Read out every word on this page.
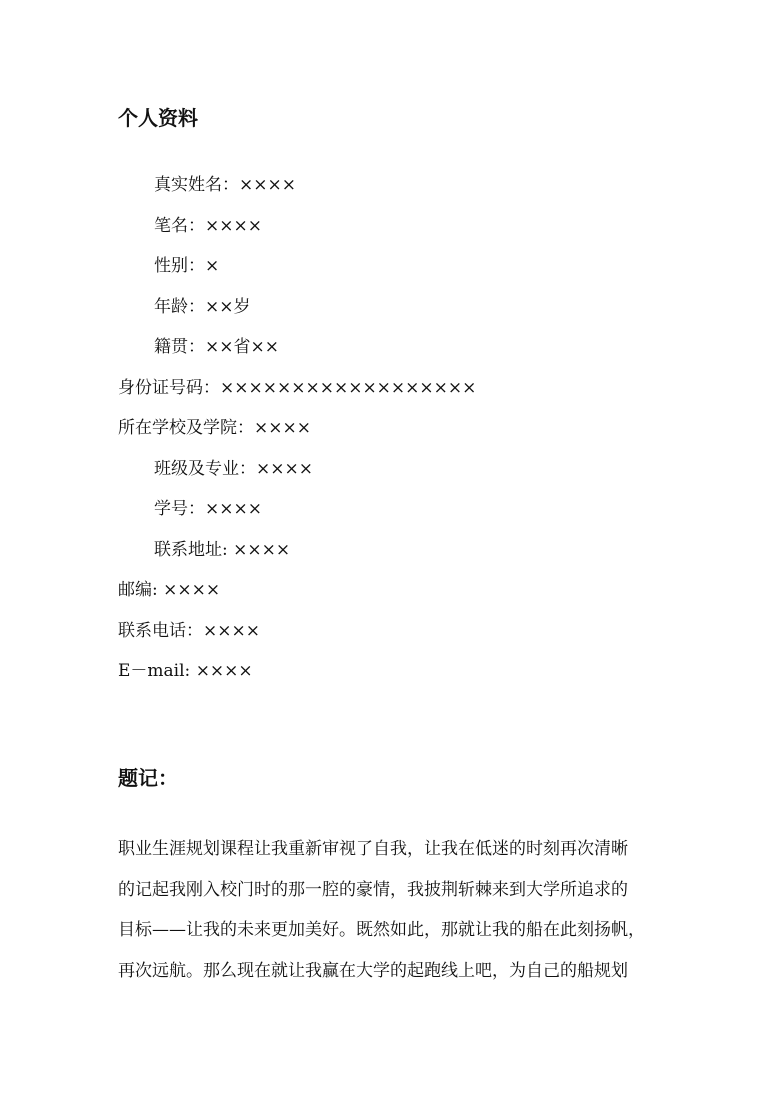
个人资料
真实姓名：××××
笔名：××××
性别：×
年龄：××岁
籍贯：××省××
身份证号码：××××××××××××××××××
所在学校及学院：××××
班级及专业：××××
学号：××××
联系地址: ××××
邮编: ××××
联系电话：××××
E－mail: ××××
题记：
职业生涯规划课程让我重新审视了自我，让我在低迷的时刻再次清晰
的记起我刚入校门时的那一腔的豪情，我披荆斩棘来到大学所追求的
目标——让我的未来更加美好。既然如此，那就让我的船在此刻扬帆，
再次远航。那么现在就让我赢在大学的起跑线上吧，为自己的船规划
